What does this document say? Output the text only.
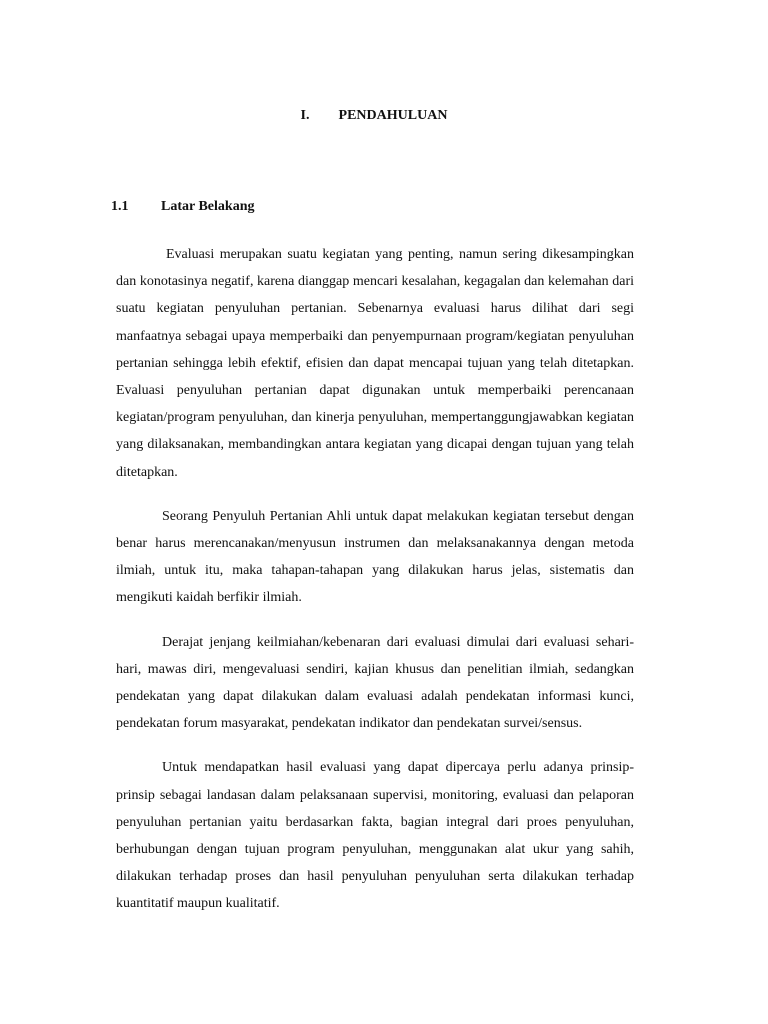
I. PENDAHULUAN
1.1 Latar Belakang

Evaluasi merupakan suatu kegiatan yang penting, namun sering dikesampingkan dan konotasinya negatif, karena dianggap mencari kesalahan, kegagalan dan kelemahan dari suatu kegiatan penyuluhan pertanian. Sebenarnya evaluasi harus dilihat dari segi manfaatnya sebagai upaya memperbaiki dan penyempurnaan program/kegiatan penyuluhan pertanian sehingga lebih efektif, efisien dan dapat mencapai tujuan yang telah ditetapkan. Evaluasi penyuluhan pertanian dapat digunakan untuk memperbaiki perencanaan kegiatan/program penyuluhan, dan kinerja penyuluhan, mempertanggungjawabkan kegiatan yang dilaksanakan, membandingkan antara kegiatan yang dicapai dengan tujuan yang telah ditetapkan.

Seorang Penyuluh Pertanian Ahli untuk dapat melakukan kegiatan tersebut dengan benar harus merencanakan/menyusun instrumen dan melaksanakannya dengan metoda ilmiah, untuk itu, maka tahapan-tahapan yang dilakukan harus jelas, sistematis dan mengikuti kaidah berfikir ilmiah.

Derajat jenjang keilmiahan/kebenaran dari evaluasi dimulai dari evaluasi sehari-hari, mawas diri, mengevaluasi sendiri, kajian khusus dan penelitian ilmiah, sedangkan pendekatan yang dapat dilakukan dalam evaluasi adalah pendekatan informasi kunci, pendekatan forum masyarakat, pendekatan indikator dan pendekatan survei/sensus.

Untuk mendapatkan hasil evaluasi yang dapat dipercaya perlu adanya prinsip-prinsip sebagai landasan dalam pelaksanaan supervisi, monitoring, evaluasi dan pelaporan penyuluhan pertanian yaitu berdasarkan fakta, bagian integral dari proes penyuluhan, berhubungan dengan tujuan program penyuluhan, menggunakan alat ukur yang sahih, dilakukan terhadap proses dan hasil penyuluhan penyuluhan serta dilakukan terhadap kuantitatif maupun kualitatif.
